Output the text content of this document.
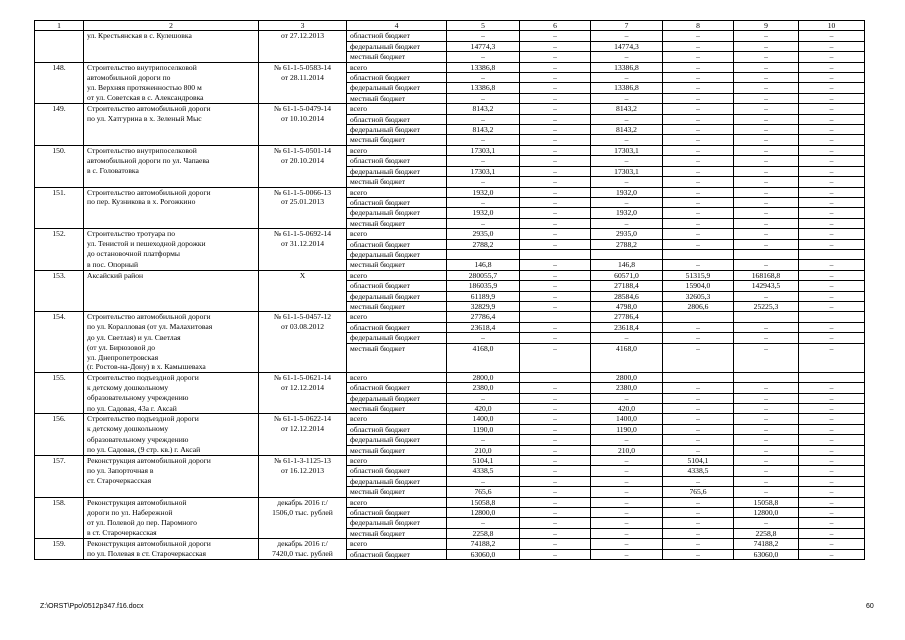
1	2	3	4	5	6	7	8	9	10

	ул. Крестьянская в с. Кулешовка	от 27.12.2013	областной бюджет	–	–	–	–	–	–
			федеральный бюджет	14774,3	–	14774,3	–	–	–
			местный бюджет	–	–	–	–	–	–
148.	Строительство внутрипоселковой	№ 61-1-5-0583-14	всего	13386,8	–	13386,8	–	–	–

	автомобильной дороги по	от 28.11.2014	областной бюджет	–	–	–	–	–	–

	ул. Верхняя протяженностью 800 м		федеральный бюджет	13386,8	–	13386,8	–	–	–

	от ул. Советская в с. Александровка		местный бюджет	–	–	–	–	–	–
149.	Строительство автомобильной дороги	№ 61-1-5-0479-14	всего	8143,2	–	8143,2	–	–	–

	по ул. Хатгурина в х. Зеленый Мыс	от 10.10.2014	областной бюджет	–	–	–	–	–	–
			федеральный бюджет	8143,2	–	8143,2	–	–	–
			местный бюджет	–	–	–	–	–	–
150.	Строительство внутрипоселковой	№ 61-1-5-0501-14	всего	17303,1	–	17303,1	–	–	–

	автомобильной дороги по ул. Чапаева	от 20.10.2014	областной бюджет	–	–	–	–	–	–

	в с. Головатовка		федеральный бюджет	17303,1	–	17303,1	–	–	–
			местный бюджет	–	–	–	–	–	–
151.	Строительство автомобильной дороги	№ 61-1-5-0066-13	всего	1932,0	–	1932,0	–	–	–

	по пер. Кузникова в х. Рогожкино	от 25.01.2013	областной бюджет	–	–	–	–	–	–
			федеральный бюджет	1932,0	–	1932,0	–	–	–
			местный бюджет	–	–	–	–	–	–
152.	Строительство тротуара по	№ 61-1-5-0692-14	всего	2935,0	–	2935,0	–	–	–

	ул. Тенистой и пешеходной дорожки	от 31.12.2014	областной бюджет	2788,2	–	2788,2	–	–	–

	до остановочной платформы		федеральный бюджет						

	в пос. Опорный		местный бюджет	146,8	–	146,8	–	–	–
153.	Аксайский район	X	всего	280055,7	–	60571,0	51315,9	168168,8	–
			областной бюджет	186035,9	–	27188,4	15904,0	142943,5	–
			федеральный бюджет	61189,9	–	28584,6	32605,3	–	–
			местный бюджет	32829,9	–	4798,0	2806,6	25225,3	–
154.	Строительство автомобильной дороги	№ 61-1-5-0457-12	всего	27786,4		27786,4			

	по ул. Коралловая (от ул. Малахитовая	от 03.08.2012	областной бюджет	23618,4	–	23618,4	–	–	–

	до ул. Светлая) и ул. Светлая		федеральный бюджет	–	–	–	–	–	–

	(от ул. Бирюзовой до
ул. Днепропетровская
(г. Ростов-на-Дону) в х. Камышеваха		местный бюджет	4168,0	–	4168,0	–	–	–
155.	Строительство подъездной дороги	№ 61-1-5-0621-14	всего	2800,0		2800,0			

	к детскому дошкольному	от 12.12.2014	областной бюджет	2380,0	–	2380,0	–	–	–

	образовательному учреждению		федеральный бюджет	–	–	–	–	–	–

	по ул. Садовая, 43а г. Аксай		местный бюджет	420,0	–	420,0	–	–	–
156.	Строительство подъездной дороги	№ 61-1-5-0622-14	всего	1400,0	–	1400,0	–	–	–

	к детскому дошкольному	от 12.12.2014	областной бюджет	1190,0	–	1190,0	–	–	–

	образовательному учреждению		федеральный бюджет	–	–	–	–	–	–

	по ул. Садовая, (9 стр. кв.) г. Аксай		местный бюджет	210,0	–	210,0	–	–	–
157.	Реконструкция автомобильной дороги	№ 61-1-3-1125-13	всего	5104,1	–	–	5104,1	–	–

	по ул. Запорточная в	от 16.12.2013	областной бюджет	4338,5	–	–	4338,5	–	–

	ст. Старочеркасская		федеральный бюджет	–	–	–	–	–	–
			местный бюджет	765,6	–	–	765,6	–	–
158.	Реконструкция автомобильной	декабрь 2016 г./	всего	15058,8	–	–	–	15058,8	–

	дороги по ул. Набережной	1506,0 тыс. рублей	областной бюджет	12800,0	–	–	–	12800,0	–

	от ул. Полевой до пер. Паромного		федеральный бюджет	–	–	–	–	–	–

	в ст. Старочеркасская		местный бюджет	2258,8	–	–	–	2258,8	–
159.	Реконструкция автомобильной дороги	декабрь 2016 г./	всего	74188,2	–	–	–	74188,2	–

	по ул. Полевая в ст. Старочеркасская	7420,0 тыс. рублей	областной бюджет	63060,0	–	–	–	63060,0	–
Z:\ORST\Ppo\0512p347.f16.docx	60
